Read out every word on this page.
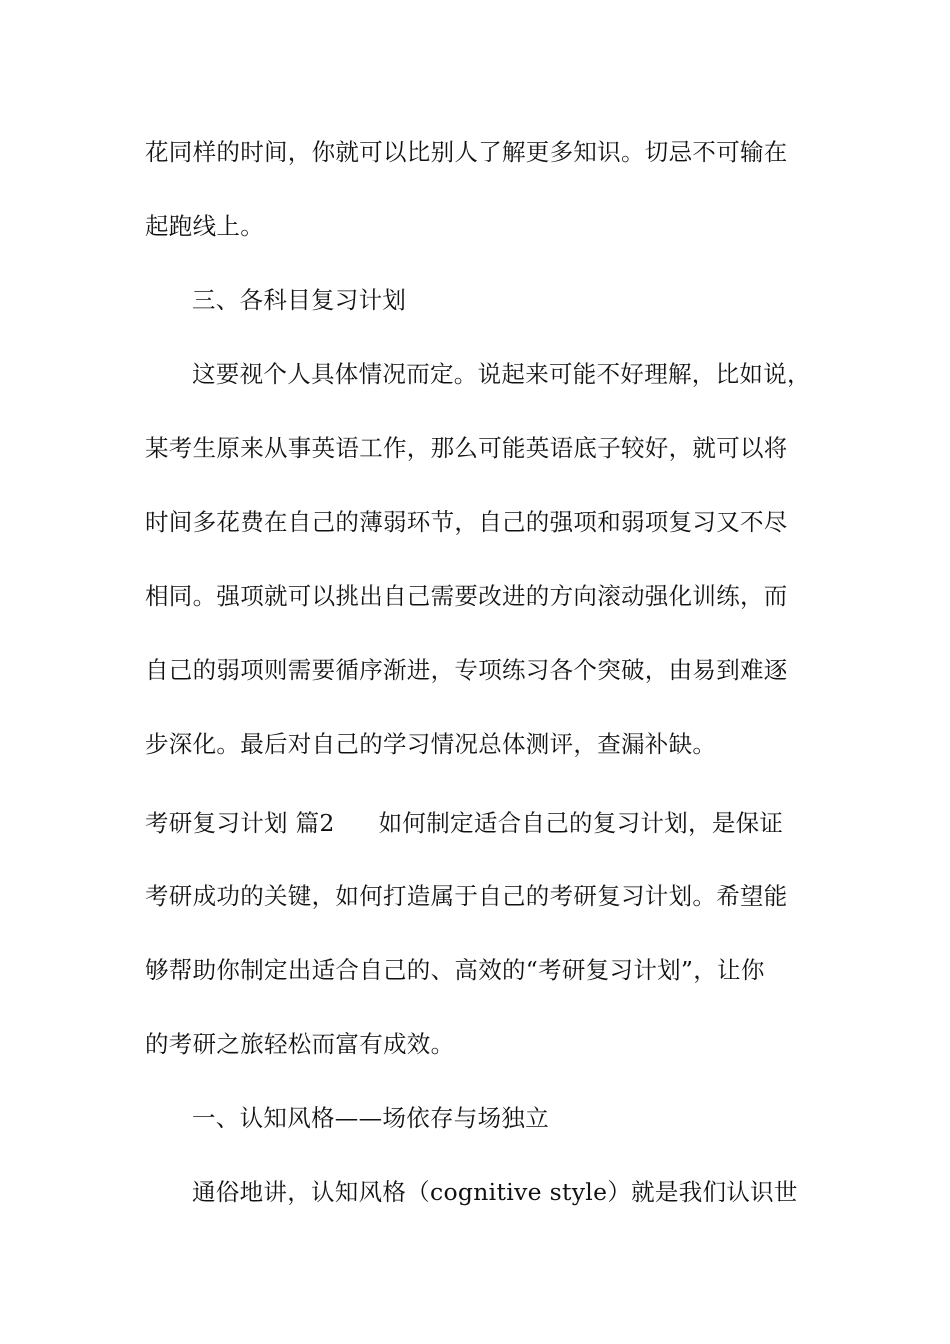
花同样的时间，你就可以比别人了解更多知识。切忌不可输在
起跑线上。
三、各科目复习计划
这要视个人具体情况而定。说起来可能不好理解，比如说，
某考生原来从事英语工作，那么可能英语底子较好，就可以将
时间多花费在自己的薄弱环节，自己的强项和弱项复习又不尽
相同。强项就可以挑出自己需要改进的方向滚动强化训练，而
自己的弱项则需要循序渐进，专项练习各个突破，由易到难逐
步深化。最后对自己的学习情况总体测评，查漏补缺。
考研复习计划 篇2 如何制定适合自己的复习计划，是保证
考研成功的关键，如何打造属于自己的考研复习计划。希望能
够帮助你制定出适合自己的、高效的“考研复习计划”，让你
的考研之旅轻松而富有成效。
一、认知风格——场依存与场独立
通俗地讲，认知风格（cognitive style）就是我们认识世
